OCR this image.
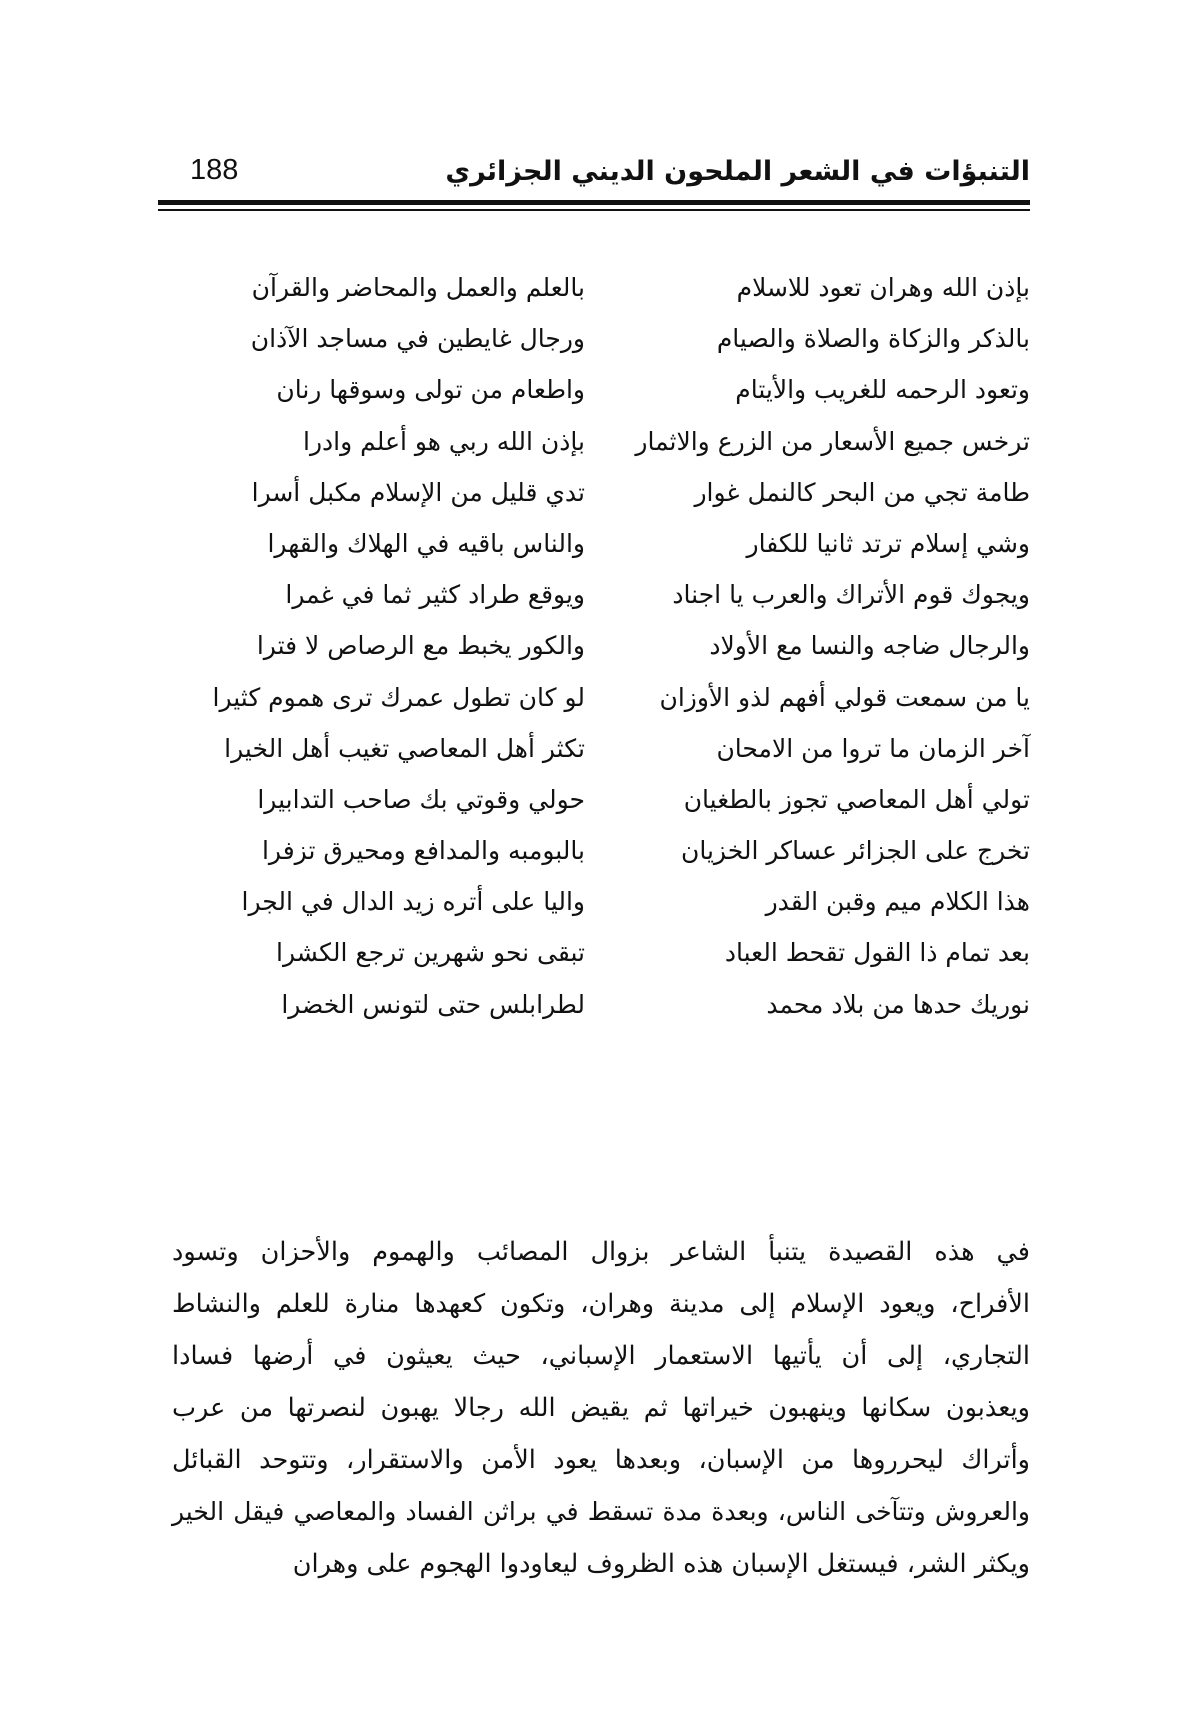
التنبؤات في الشعر الملحون الديني الجزائري
188
بإذن الله وهران تعود للاسلام
بالعلم والعمل والمحاضر والقرآن
بالذكر والزكاة والصلاة والصيام
ورجال غايطين في مساجد الآذان
وتعود الرحمه للغريب والأيتام
واطعام من تولى وسوقها رنان
ترخس جميع الأسعار من الزرع والاثمار
بإذن الله ربي هو أعلم وادرا
طامة تجي من البحر كالنمل غوار
تدي قليل من الإسلام مكبل أسرا
وشي إسلام ترتد ثانيا للكفار
والناس باقيه في الهلاك والقهرا
ويجوك قوم الأتراك والعرب يا اجناد
ويوقع طراد كثير ثما في غمرا
والرجال ضاجه والنسا مع الأولاد
والكور يخبط مع الرصاص لا فترا
يا من سمعت قولي أفهم لذو الأوزان
لو كان تطول عمرك ترى هموم كثيرا
آخر الزمان ما تروا من الامحان
تكثر أهل المعاصي تغيب أهل الخيرا
تولي أهل المعاصي تجوز بالطغيان
حولي وقوتي بك صاحب التدابيرا
تخرج على الجزائر عساكر الخزيان
بالبومبه والمدافع ومحيرق تزفرا
هذا الكلام ميم وقبن القدر
واليا على أتره زيد الدال في الجرا
بعد تمام ذا القول تقحط العباد
تبقى نحو شهرين ترجع الكشرا
نوريك حدها من بلاد محمد
لطرابلس حتى لتونس الخضرا
في هذه القصيدة يتنبأ الشاعر بزوال المصائب والهموم والأحزان وتسود
الأفراح، ويعود الإسلام إلى مدينة وهران، وتكون كعهدها منارة للعلم والنشاط
التجاري، إلى أن يأتيها الاستعمار الإسباني، حيث يعيثون في أرضها فسادا
ويعذبون سكانها وينهبون خيراتها ثم يقيض الله رجالا يهبون لنصرتها من عرب
وأتراك ليحرروها من الإسبان، وبعدها يعود الأمن والاستقرار، وتتوحد القبائل
والعروش وتتآخى الناس، وبعدة مدة تسقط في براثن الفساد والمعاصي فيقل الخير
ويكثر الشر، فيستغل الإسبان هذه الظروف ليعاودوا الهجوم على وهران
